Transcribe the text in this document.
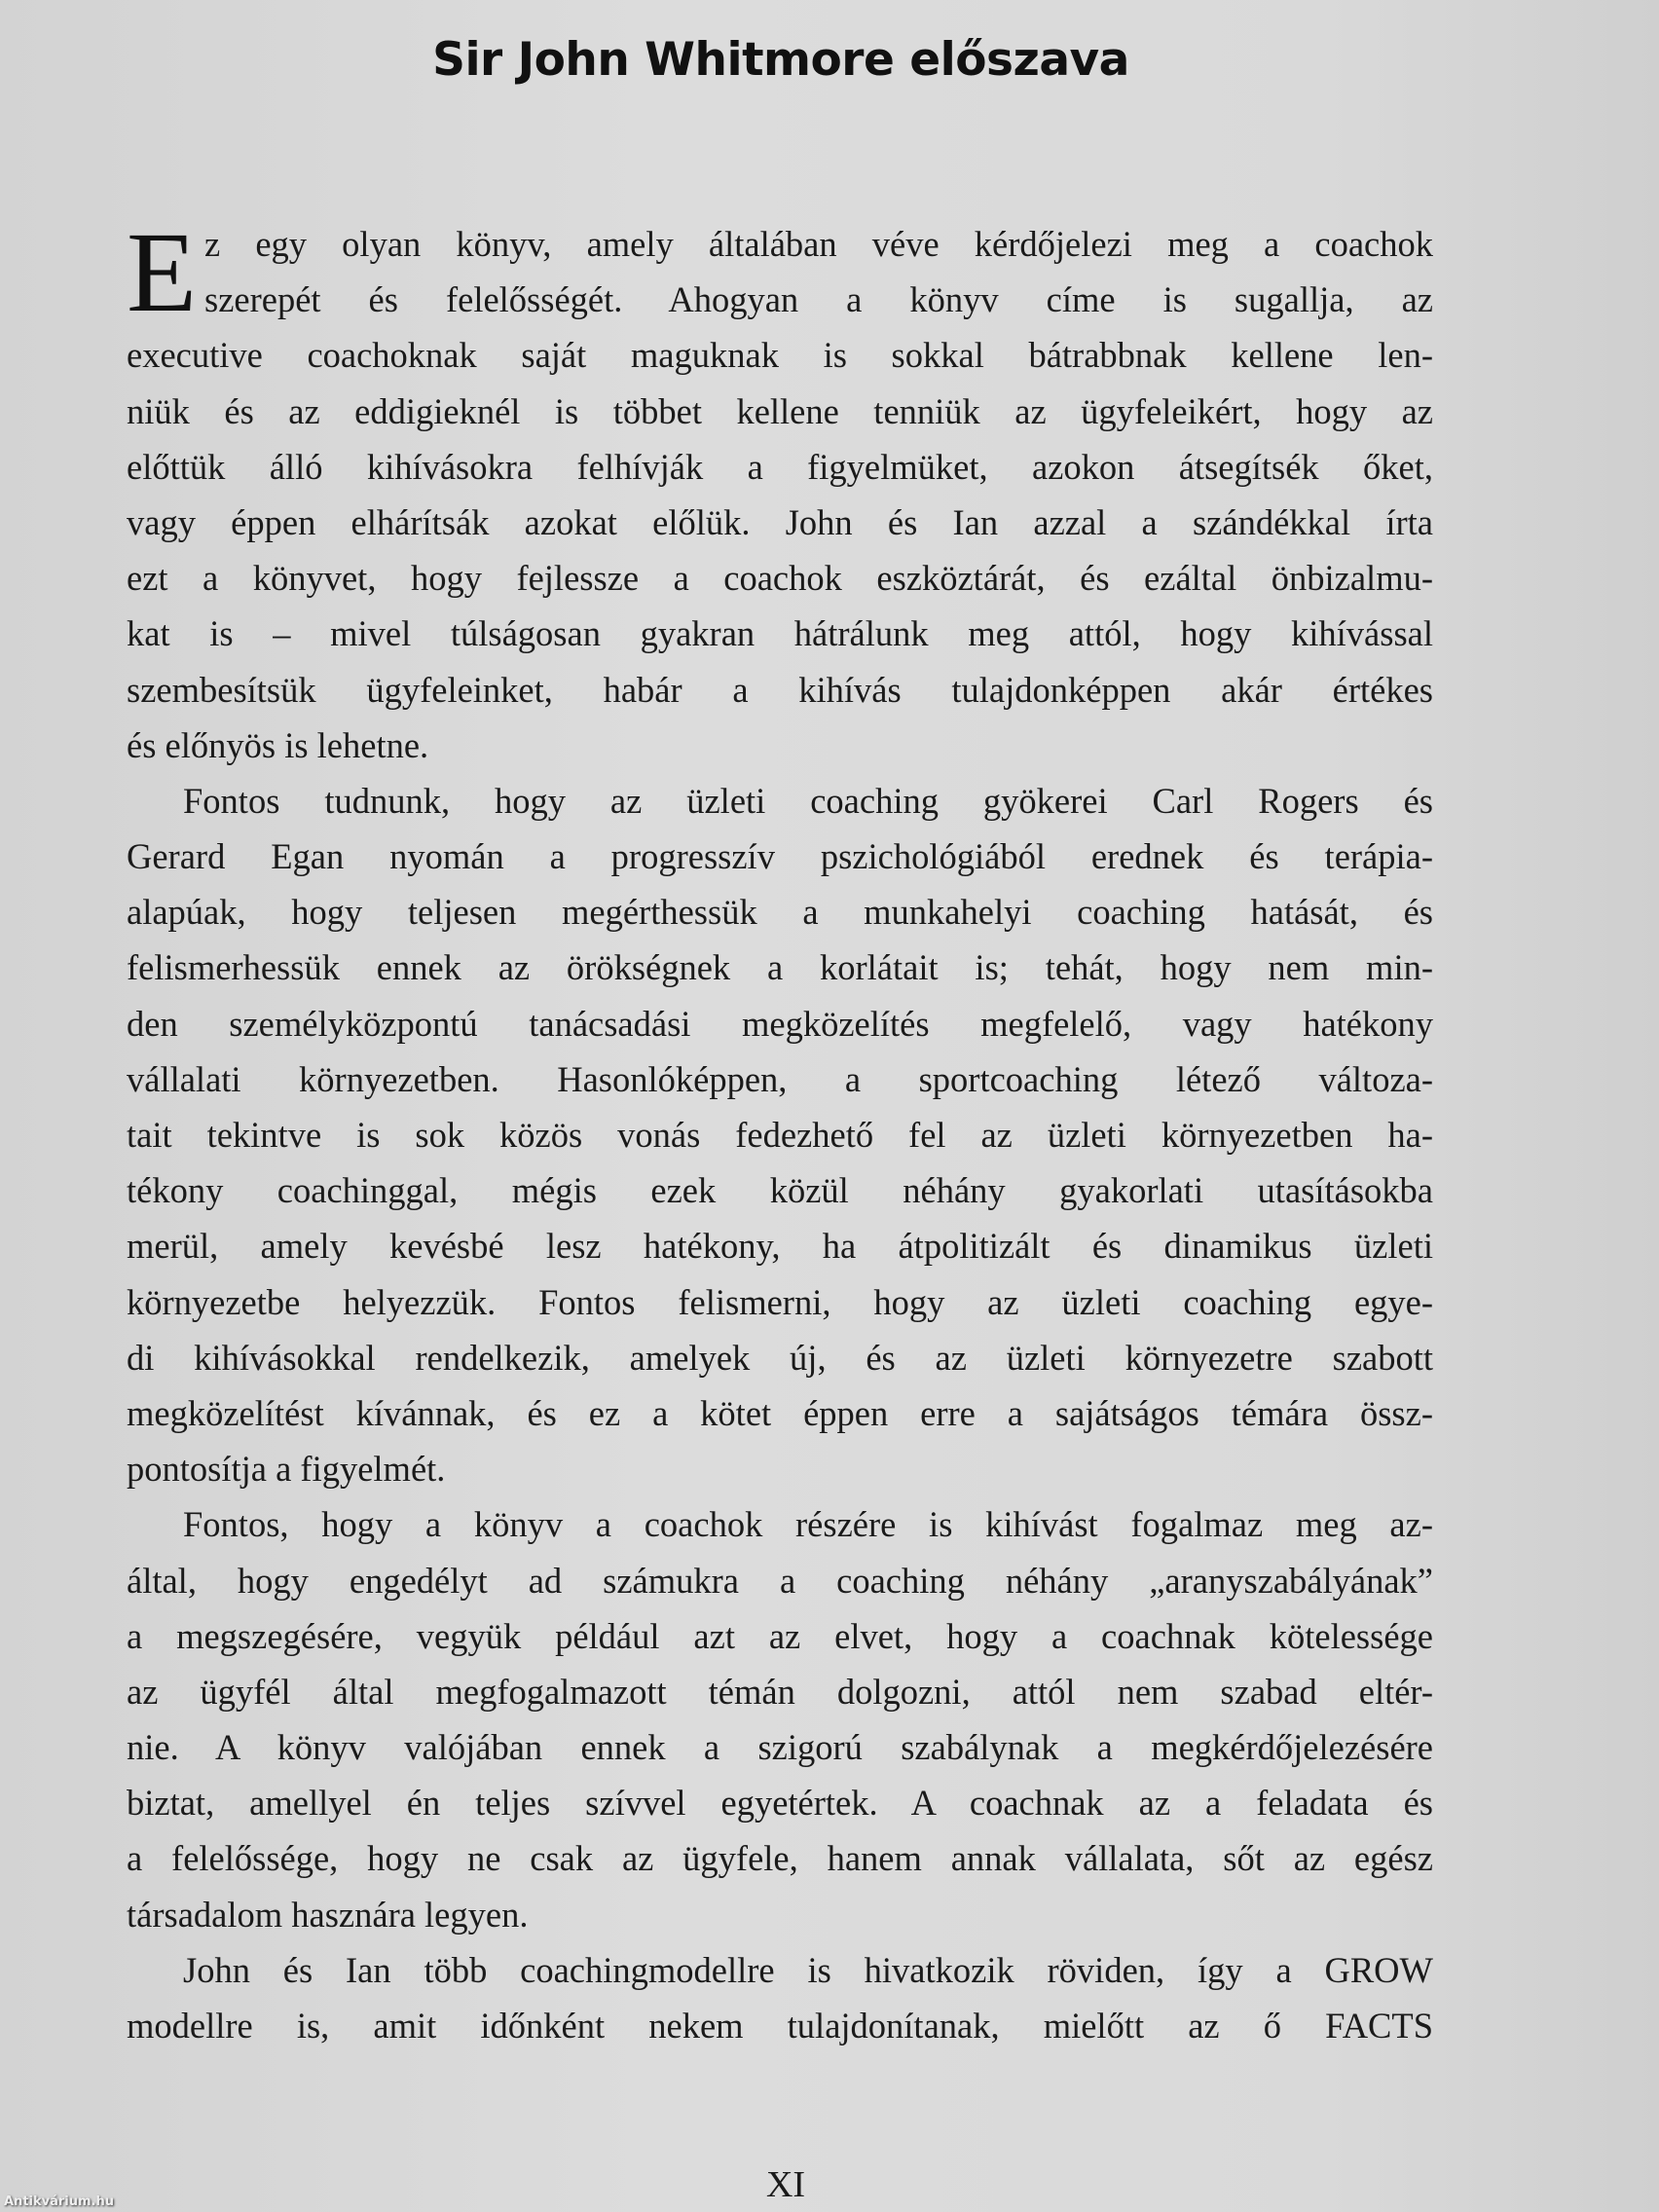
Sir John Whitmore előszava
E z egy olyan könyv, amely általában véve kérdőjelezi meg a coachok
szerepét és felelősségét. Ahogyan a könyv címe is sugallja, az
executive coachoknak saját maguknak is sokkal bátrabbnak kellene len-
niük és az eddigieknél is többet kellene tenniük az ügyfeleikért, hogy az
előttük álló kihívásokra felhívják a figyelmüket, azokon átsegítsék őket,
vagy éppen elhárítsák azokat előlük. John és Ian azzal a szándékkal írta
ezt a könyvet, hogy fejlessze a coachok eszköztárát, és ezáltal önbizalmu-
kat is – mivel túlságosan gyakran hátrálunk meg attól, hogy kihívással
szembesítsük ügyfeleinket, habár a kihívás tulajdonképpen akár értékes
és előnyös is lehetne.
Fontos tudnunk, hogy az üzleti coaching gyökerei Carl Rogers és
Gerard Egan nyomán a progresszív pszichológiából erednek és terápia-
alapúak, hogy teljesen megérthessük a munkahelyi coaching hatását, és
felismerhessük ennek az örökségnek a korlátait is; tehát, hogy nem min-
den személyközpontú tanácsadási megközelítés megfelelő, vagy hatékony
vállalati környezetben. Hasonlóképpen, a sportcoaching létező változa-
tait tekintve is sok közös vonás fedezhető fel az üzleti környezetben ha-
tékony coachinggal, mégis ezek közül néhány gyakorlati utasításokba
merül, amely kevésbé lesz hatékony, ha átpolitizált és dinamikus üzleti
környezetbe helyezzük. Fontos felismerni, hogy az üzleti coaching egye-
di kihívásokkal rendelkezik, amelyek új, és az üzleti környezetre szabott
megközelítést kívánnak, és ez a kötet éppen erre a sajátságos témára össz-
pontosítja a figyelmét.
Fontos, hogy a könyv a coachok részére is kihívást fogalmaz meg az-
által, hogy engedélyt ad számukra a coaching néhány „aranyszabályának”
a megszegésére, vegyük például azt az elvet, hogy a coachnak kötelessége
az ügyfél által megfogalmazott témán dolgozni, attól nem szabad eltér-
nie. A könyv valójában ennek a szigorú szabálynak a megkérdőjelezésére
biztat, amellyel én teljes szívvel egyetértek. A coachnak az a feladata és
a felelőssége, hogy ne csak az ügyfele, hanem annak vállalata, sőt az egész
társadalom hasznára legyen.
John és Ian több coachingmodellre is hivatkozik röviden, így a GROW
modellre is, amit időnként nekem tulajdonítanak, mielőtt az ő FACTS
XI
Antikvárium.hu
